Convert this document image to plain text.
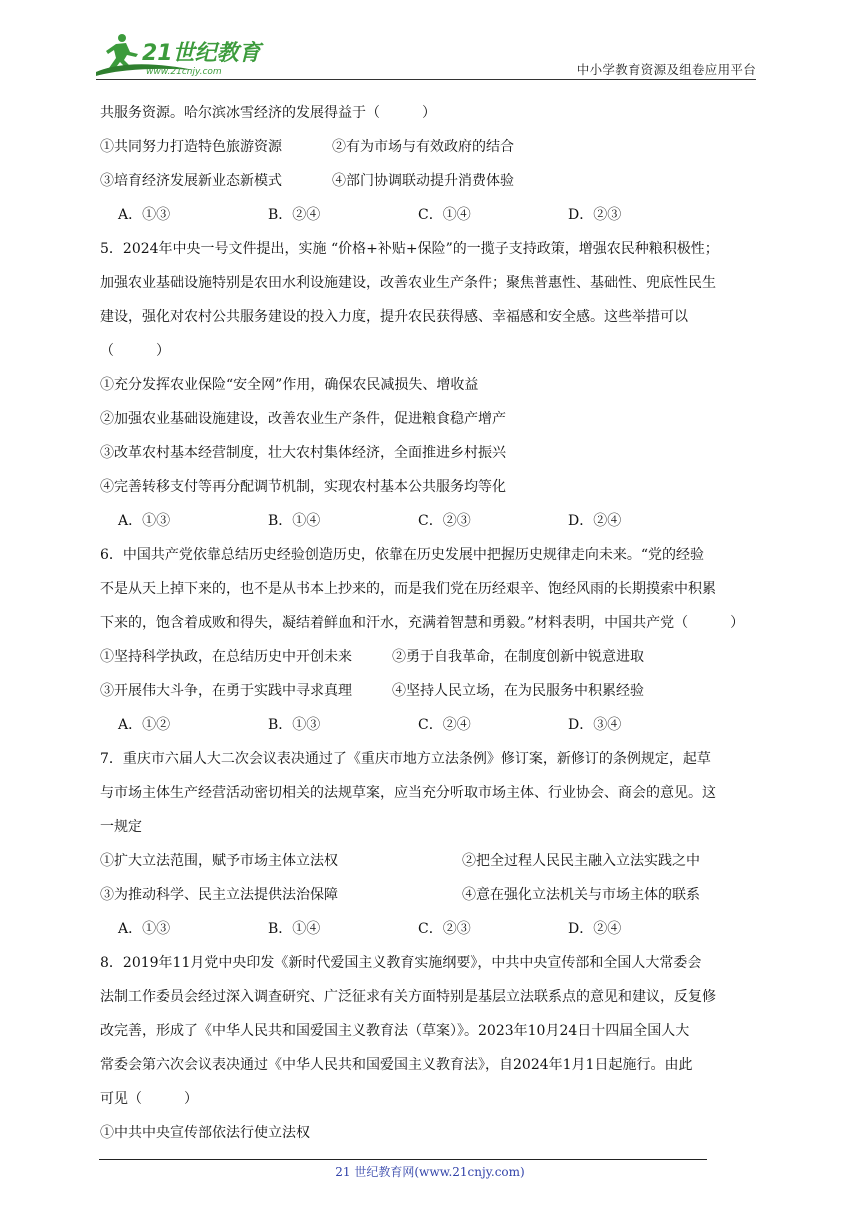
21世纪教育
www.21cnjy.com	中小学教育资源及组卷应用平台
共服务资源。哈尔滨冰雪经济的发展得益于（　　　）
①共同努力打造特色旅游资源	②有为市场与有效政府的结合
③培育经济发展新业态新模式	④部门协调联动提升消费体验
A．①③	B．②④	C．①④	D．②③
5．2024年中央一号文件提出，实施 “价格+补贴+保险”的一揽子支持政策，增强农民种粮积极性；
加强农业基础设施特别是农田水利设施建设，改善农业生产条件；聚焦普惠性、基础性、兜底性民生
建设，强化对农村公共服务建设的投入力度，提升农民获得感、幸福感和安全感。这些举措可以
（　　　）
①充分发挥农业保险“安全网”作用，确保农民减损失、增收益
②加强农业基础设施建设，改善农业生产条件，促进粮食稳产增产
③改革农村基本经营制度，壮大农村集体经济，全面推进乡村振兴
④完善转移支付等再分配调节机制，实现农村基本公共服务均等化
A．①③	B．①④	C．②③	D．②④
6．中国共产党依靠总结历史经验创造历史，依靠在历史发展中把握历史规律走向未来。“党的经验
不是从天上掉下来的，也不是从书本上抄来的，而是我们党在历经艰辛、饱经风雨的长期摸索中积累
下来的，饱含着成败和得失，凝结着鲜血和汗水，充满着智慧和勇毅。”材料表明，中国共产党（　　　）
①坚持科学执政，在总结历史中开创未来	②勇于自我革命，在制度创新中锐意进取
③开展伟大斗争，在勇于实践中寻求真理	④坚持人民立场，在为民服务中积累经验
A．①②	B．①③	C．②④	D．③④
7．重庆市六届人大二次会议表决通过了《重庆市地方立法条例》修订案，新修订的条例规定，起草
与市场主体生产经营活动密切相关的法规草案，应当充分听取市场主体、行业协会、商会的意见。这
一规定
①扩大立法范围，赋予市场主体立法权	②把全过程人民民主融入立法实践之中
③为推动科学、民主立法提供法治保障	④意在强化立法机关与市场主体的联系
A．①③	B．①④	C．②③	D．②④
8．2019年11月党中央印发《新时代爱国主义教育实施纲要》，中共中央宣传部和全国人大常委会
法制工作委员会经过深入调查研究、广泛征求有关方面特别是基层立法联系点的意见和建议，反复修
改完善，形成了《中华人民共和国爱国主义教育法（草案）》。2023年10月24日十四届全国人大
常委会第六次会议表决通过《中华人民共和国爱国主义教育法》，自2024年1月1日起施行。由此
可见（　　　）
①中共中央宣传部依法行使立法权
21 世纪教育网(www.21cnjy.com)
